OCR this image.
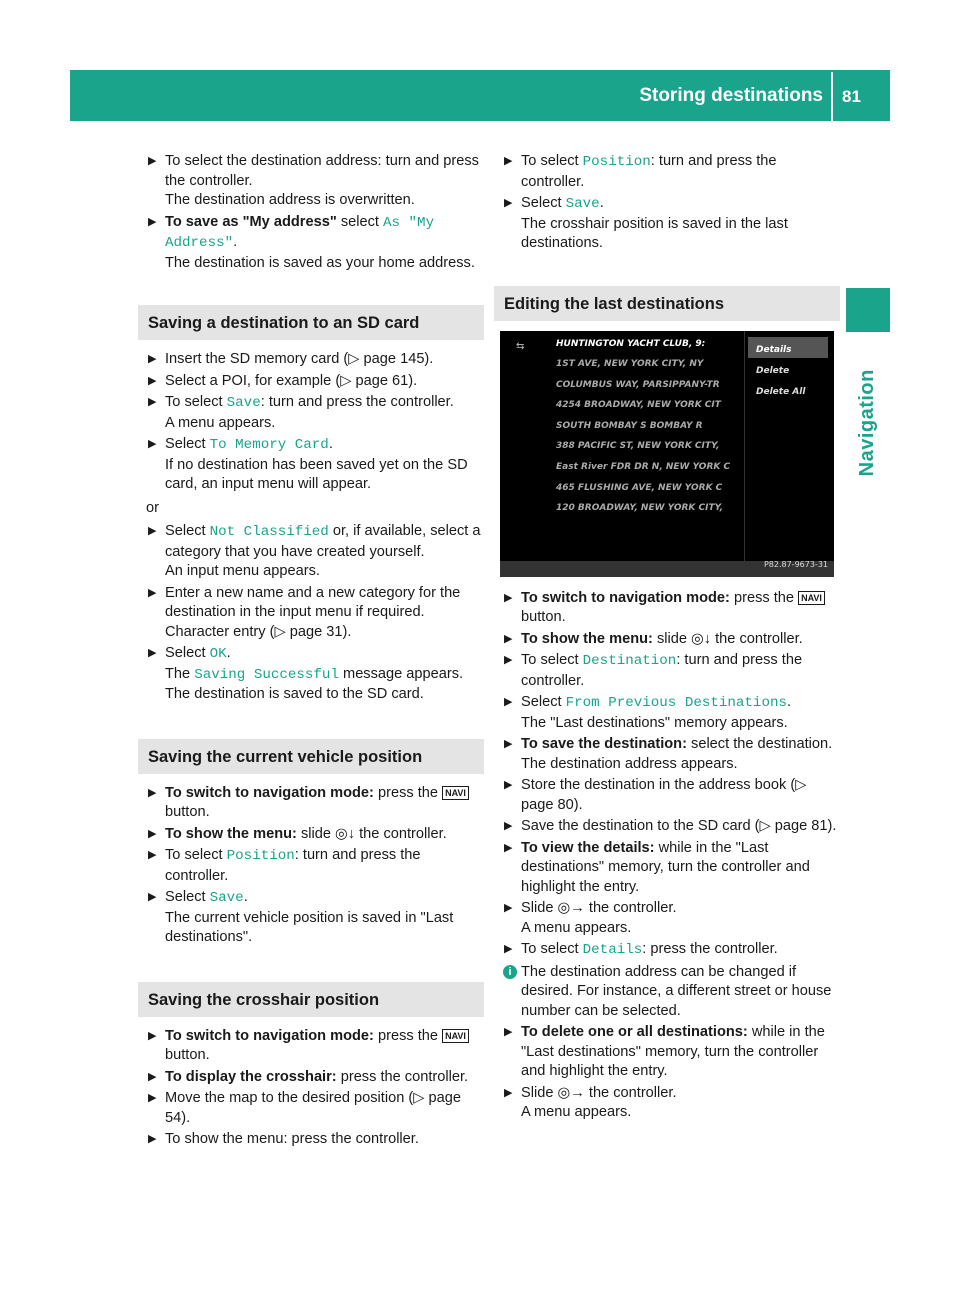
Storing destinations 81
Navigation
▶ To select the destination address: turn and press the controller.

The destination address is overwritten.

▶ To save as "My address" select As "My Address".

The destination is saved as your home address.

Saving a destination to an SD card
▶ Insert the SD memory card (▷ page 145).

▶ Select a POI, for example (▷ page 61).

▶ To select Save: turn and press the controller.

A menu appears.

▶ Select To Memory Card.

If no destination has been saved yet on the SD card, an input menu will appear.

or

▶ Select Not Classified or, if available, select a category that you have created yourself.

An input menu appears.

▶ Enter a new name and a new category for the destination in the input menu if required.

Character entry (▷ page 31).

▶ Select OK.

The Saving Successful message appears.

The destination is saved to the SD card.

Saving the current vehicle position
▶ To switch to navigation mode: press the NAVI button.

▶ To show the menu: slide ◎↓ the controller.

▶ To select Position: turn and press the controller.

▶ Select Save.

The current vehicle position is saved in "Last destinations".

Saving the crosshair position
▶ To switch to navigation mode: press the NAVI button.

▶ To display the crosshair: press the controller.

▶ Move the map to the desired position (▷ page 54).

▶ To show the menu: press the controller.

▶ To select Position: turn and press the controller.

▶ Select Save.

The crosshair position is saved in the last destinations.

Editing the last destinations
⇆	HUNTINGTON YACHT CLUB, 9:
1ST AVE, NEW YORK CITY, NY
COLUMBUS WAY, PARSIPPANY-TR
4254 BROADWAY, NEW YORK CIT
SOUTH BOMBAY S BOMBAY R
388 PACIFIC ST, NEW YORK CITY,
East River FDR DR N, NEW YORK C
465 FLUSHING AVE, NEW YORK C
120 BROADWAY, NEW YORK CITY,
Details
Delete
Delete All
P82.87-9673-31
▶ To switch to navigation mode: press the NAVI button.

▶ To show the menu: slide ◎↓ the controller.

▶ To select Destination: turn and press the controller.

▶ Select From Previous Destinations.

The "Last destinations" memory appears.

▶ To save the destination: select the destination.

The destination address appears.

▶ Store the destination in the address book (▷ page 80).

▶ Save the destination to the SD card (▷ page 81).

▶ To view the details: while in the "Last destinations" memory, turn the controller and highlight the entry.

▶ Slide ◎→ the controller.

A menu appears.

▶ To select Details: press the controller.

i The destination address can be changed if desired. For instance, a different street or house number can be selected.

▶ To delete one or all destinations: while in the "Last destinations" memory, turn the controller and highlight the entry.

▶ Slide ◎→ the controller.

A menu appears.
